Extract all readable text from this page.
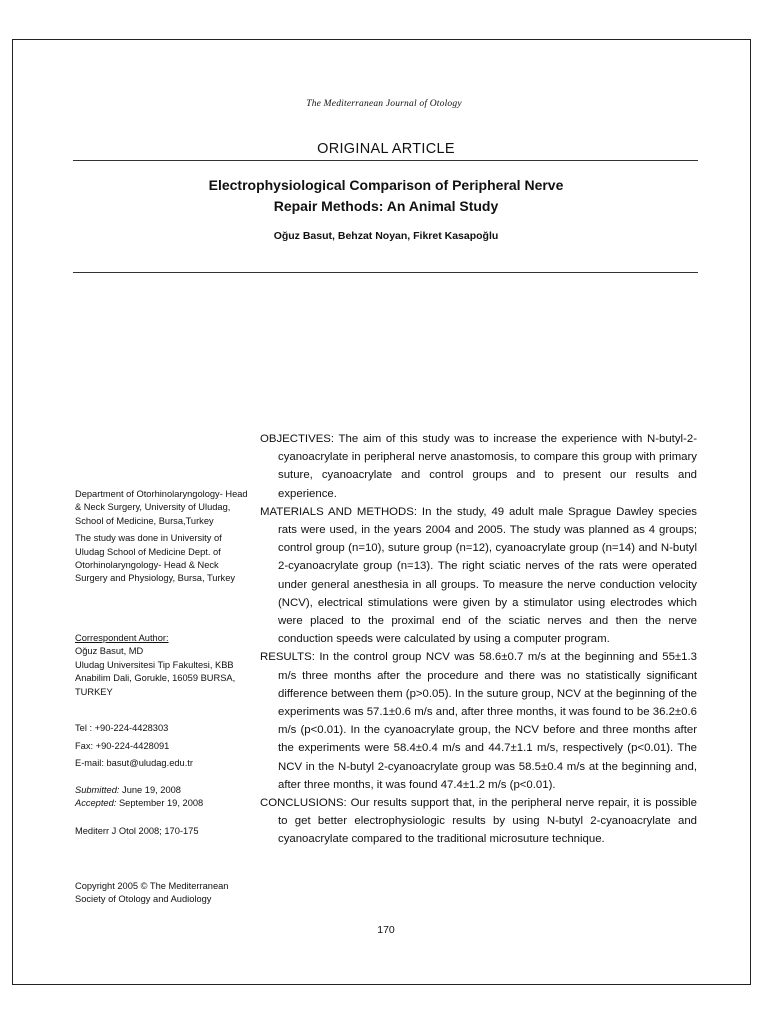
The Mediterranean Journal of Otology
ORIGINAL ARTICLE
Electrophysiological Comparison of Peripheral Nerve
Repair Methods: An Animal Study
Oğuz Basut, Behzat Noyan, Fikret Kasapoğlu

Department of Otorhinolaryngology- Head & Neck Surgery, University of Uludag, School of Medicine, Bursa,Turkey

The study was done in University of Uludag School of Medicine Dept. of Otorhinolaryngology- Head & Neck Surgery and Physiology, Bursa, Turkey

Correspondent Author:

Oğuz Basut, MD

Uludag Universitesi Tip Fakultesi, KBB Anabilim Dali, Gorukle, 16059 BURSA, TURKEY

Tel : +90-224-4428303

Fax: +90-224-4428091

E-mail: basut@uludag.edu.tr

Submitted: June 19, 2008

Accepted: September 19, 2008

Mediterr J Otol 2008; 170-175
Copyright 2005 © The Mediterranean Society of Otology and Audiology

OBJECTIVES: The aim of this study was to increase the experience with N-butyl-2-cyanoacrylate in peripheral nerve anastomosis, to compare this group with primary suture, cyanoacrylate and control groups and to present our results and experience.

MATERIALS AND METHODS: In the study, 49 adult male Sprague Dawley species rats were used, in the years 2004 and 2005. The study was planned as 4 groups; control group (n=10), suture group (n=12), cyanoacrylate group (n=14) and N-butyl 2-cyanoacrylate group (n=13). The right sciatic nerves of the rats were operated under general anesthesia in all groups. To measure the nerve conduction velocity (NCV), electrical stimulations were given by a stimulator using electrodes which were placed to the proximal end of the sciatic nerves and then the nerve conduction speeds were calculated by using a computer program.

RESULTS: In the control group NCV was 58.6±0.7 m/s at the beginning and 55±1.3 m/s three months after the procedure and there was no statistically significant difference between them (p>0.05). In the suture group, NCV at the beginning of the experiments was 57.1±0.6 m/s and, after three months, it was found to be 36.2±0.6 m/s (p<0.01). In the cyanoacrylate group, the NCV before and three months after the experiments were 58.4±0.4 m/s and 44.7±1.1 m/s, respectively (p<0.01). The NCV in the N-butyl 2-cyanoacrylate group was 58.5±0.4 m/s at the beginning and, after three months, it was found 47.4±1.2 m/s (p<0.01).

CONCLUSIONS: Our results support that, in the peripheral nerve repair, it is possible to get better electrophysiologic results by using N-butyl 2-cyanoacrylate and cyanoacrylate compared to the traditional microsuture technique.

170
